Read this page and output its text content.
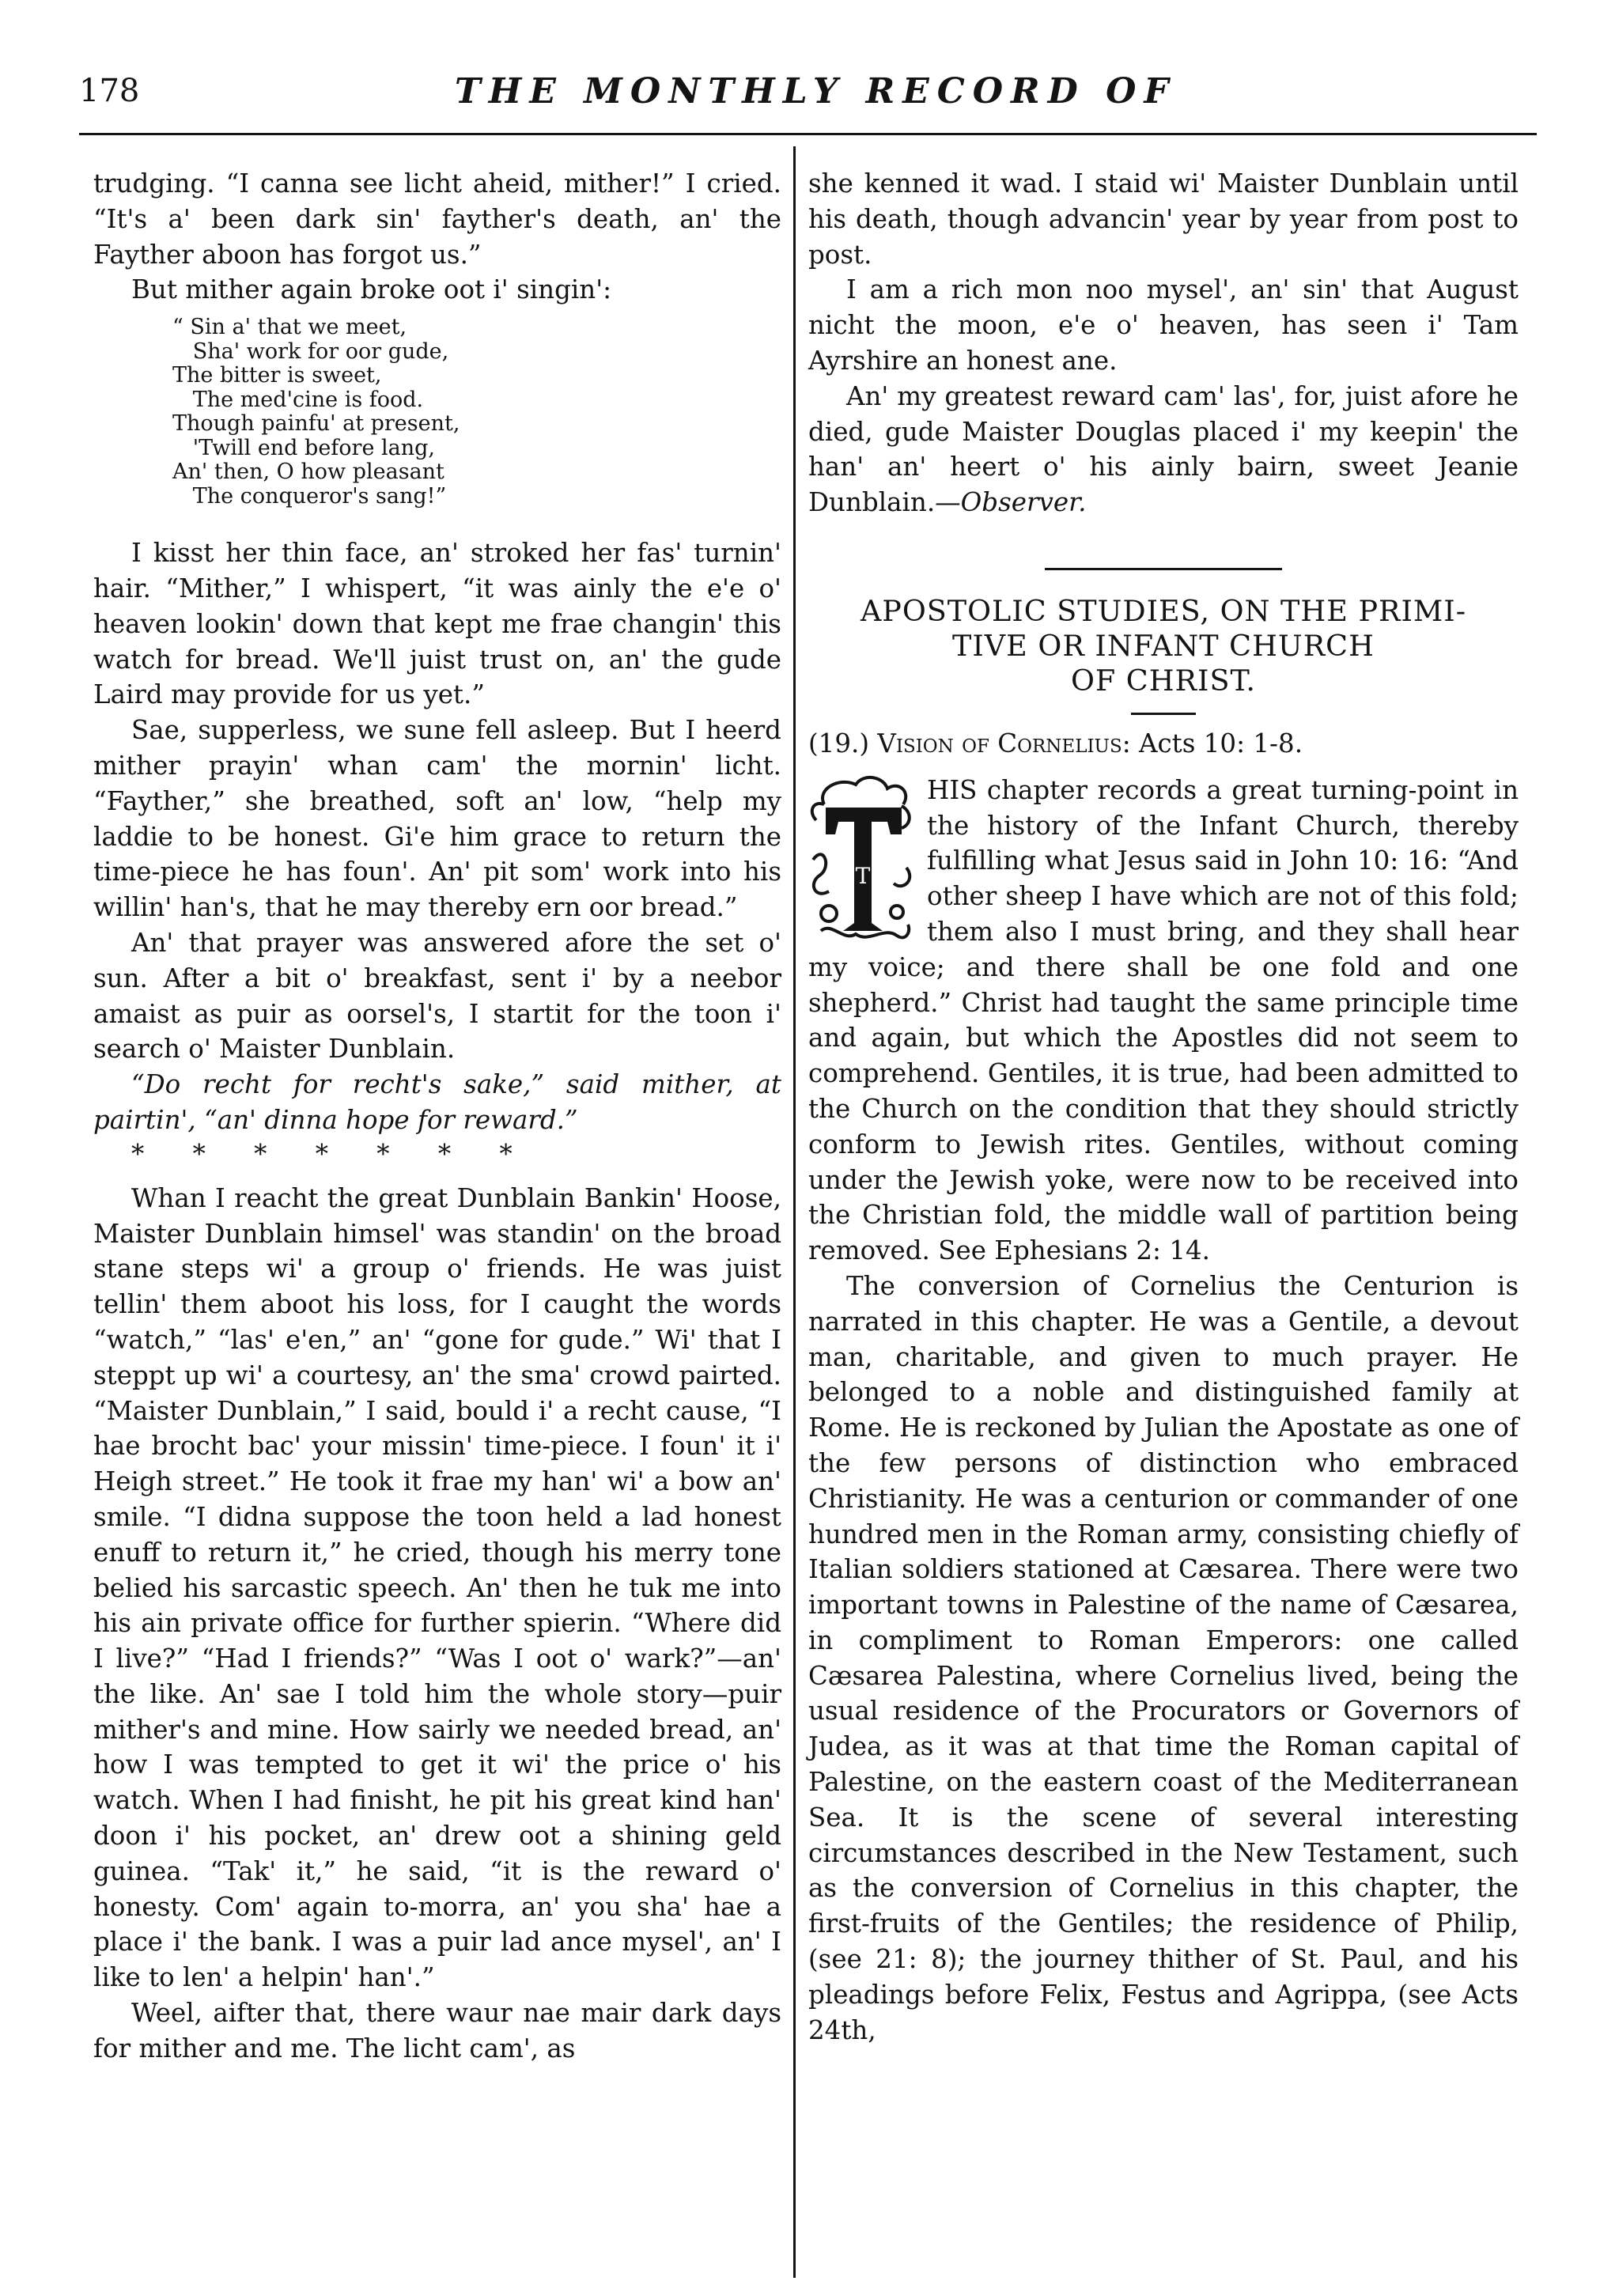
178	THE MONTHLY RECORD OF

trudging. “I canna see licht aheid, mither!” I cried. “It's a' been dark sin' fayther's death, an' the Fayther aboon has forgot us.”

But mither again broke oot i' singin':

“ Sin a' that we meet,
Sha' work for oor gude,
The bitter is sweet,
The med'cine is food.
Though painfu' at present,
'Twill end before lang,
An' then, O how pleasant
The conqueror's sang!”

I kisst her thin face, an' stroked her fas' turnin' hair. “Mither,” I whispert, “it was ainly the e'e o' heaven lookin' down that kept me frae changin' this watch for bread. We'll juist trust on, an' the gude Laird may provide for us yet.”

Sae, supperless, we sune fell asleep. But I heerd mither prayin' whan cam' the mornin' licht. “Fayther,” she breathed, soft an' low, “help my laddie to be honest. Gi'e him grace to return the time-piece he has foun'. An' pit som' work into his willin' han's, that he may thereby ern oor bread.”

An' that prayer was answered afore the set o' sun. After a bit o' breakfast, sent i' by a neebor amaist as puir as oorsel's, I startit for the toon i' search o' Maister Dunblain.

“Do recht for recht's sake,” said mither, at pairtin', “an' dinna hope for reward.”

*    *    *    *    *    *    *

Whan I reacht the great Dunblain Bankin' Hoose, Maister Dunblain himsel' was standin' on the broad stane steps wi' a group o' friends. He was juist tellin' them aboot his loss, for I caught the words “watch,” “las' e'en,” an' “gone for gude.” Wi' that I steppt up wi' a courtesy, an' the sma' crowd pairted. “Maister Dunblain,” I said, bould i' a recht cause, “I hae brocht bac' your missin' time-piece. I foun' it i' Heigh street.” He took it frae my han' wi' a bow an' smile. “I didna suppose the toon held a lad honest enuff to return it,” he cried, though his merry tone belied his sarcastic speech. An' then he tuk me into his ain private office for further spierin. “Where did I live?” “Had I friends?” “Was I oot o' wark?”—an' the like. An' sae I told him the whole story—puir mither's and mine. How sairly we needed bread, an' how I was tempted to get it wi' the price o' his watch. When I had finisht, he pit his great kind han' doon i' his pocket, an' drew oot a shining geld guinea. “Tak' it,” he said, “it is the reward o' honesty. Com' again to-morra, an' you sha' hae a place i' the bank. I was a puir lad ance mysel', an' I like to len' a helpin' han'.”

Weel, aifter that, there waur nae mair dark days for mither and me. The licht cam', as

she kenned it wad. I staid wi' Maister Dunblain until his death, though advancin' year by year from post to post.

I am a rich mon noo mysel', an' sin' that August nicht the moon, e'e o' heaven, has seen i' Tam Ayrshire an honest ane.

An' my greatest reward cam' las', for, juist afore he died, gude Maister Douglas placed i' my keepin' the han' an' heert o' his ainly bairn, sweet Jeanie Dunblain.—Observer.

APOSTOLIC STUDIES, ON THE PRIMI-
TIVE OR INFANT CHURCH
OF CHRIST.

(19.) Vision of Cornelius: Acts 10: 1-8.

T

HIS chapter records a great turning-point in the history of the Infant Church, thereby fulfilling what Jesus said in John 10: 16: “And other sheep I have which are not of this fold; them also I must bring, and they shall hear my voice; and there shall be one fold and one shepherd.” Christ had taught the same principle time and again, but which the Apostles did not seem to comprehend. Gentiles, it is true, had been admitted to the Church on the condition that they should strictly conform to Jewish rites. Gentiles, without coming under the Jewish yoke, were now to be received into the Christian fold, the middle wall of partition being removed. See Ephesians 2: 14.

The conversion of Cornelius the Centurion is narrated in this chapter. He was a Gentile, a devout man, charitable, and given to much prayer. He belonged to a noble and distinguished family at Rome. He is reckoned by Julian the Apostate as one of the few persons of distinction who embraced Christianity. He was a centurion or commander of one hundred men in the Roman army, consisting chiefly of Italian soldiers stationed at Cæsarea. There were two important towns in Palestine of the name of Cæsarea, in compliment to Roman Emperors: one called Cæsarea Palestina, where Cornelius lived, being the usual residence of the Procurators or Governors of Judea, as it was at that time the Roman capital of Palestine, on the eastern coast of the Mediterranean Sea. It is the scene of several interesting circumstances described in the New Testament, such as the conversion of Cornelius in this chapter, the first-fruits of the Gentiles; the residence of Philip, (see 21: 8); the journey thither of St. Paul, and his pleadings before Felix, Festus and Agrippa, (see Acts 24th,
